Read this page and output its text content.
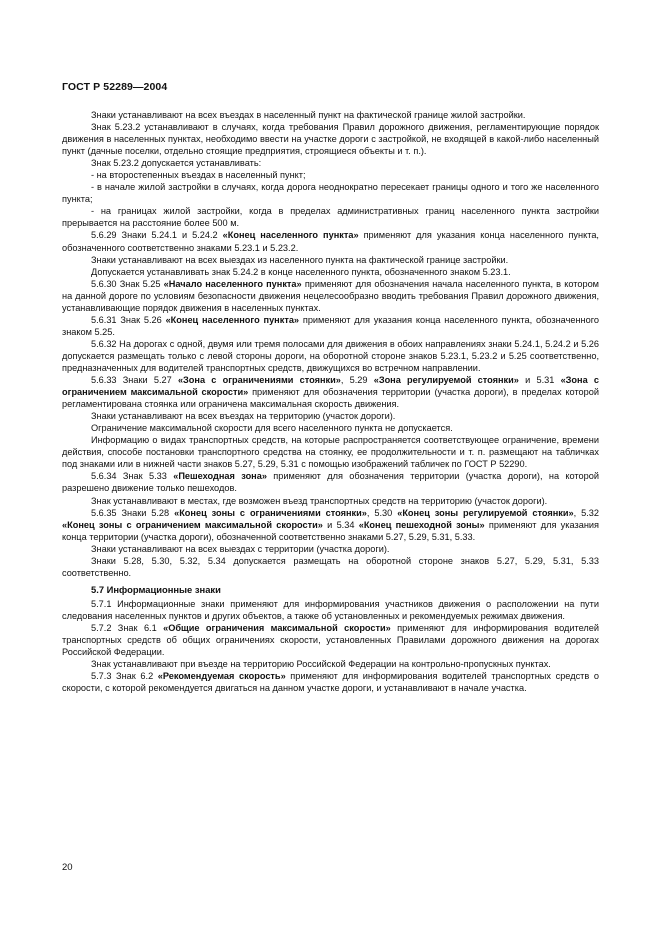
ГОСТ Р 52289—2004

Знаки устанавливают на всех въездах в населенный пункт на фактической границе жилой застройки.

Знак 5.23.2 устанавливают в случаях, когда требования Правил дорожного движения, регламентирующие порядок движения в населенных пунктах, необходимо ввести на участке дороги с застройкой, не входящей в какой-либо населенный пункт (дачные поселки, отдельно стоящие предприятия, строящиеся объекты и т. п.).

Знак 5.23.2 допускается устанавливать:

- на второстепенных въездах в населенный пункт;

- в начале жилой застройки в случаях, когда дорога неоднократно пересекает границы одного и того же населенного пункта;

- на границах жилой застройки, когда в пределах административных границ населенного пункта застройки прерывается на расстояние более 500 м.

5.6.29 Знаки 5.24.1 и 5.24.2 «Конец населенного пункта» применяют для указания конца населенного пункта, обозначенного соответственно знаками 5.23.1 и 5.23.2.

Знаки устанавливают на всех выездах из населенного пункта на фактической границе застройки.

Допускается устанавливать знак 5.24.2 в конце населенного пункта, обозначенного знаком 5.23.1.

5.6.30 Знак 5.25 «Начало населенного пункта» применяют для обозначения начала населенного пункта, в котором на данной дороге по условиям безопасности движения нецелесообразно вводить требования Правил дорожного движения, устанавливающие порядок движения в населенных пунктах.

5.6.31 Знак 5.26 «Конец населенного пункта» применяют для указания конца населенного пункта, обозначенного знаком 5.25.

5.6.32 На дорогах с одной, двумя или тремя полосами для движения в обоих направлениях знаки 5.24.1, 5.24.2 и 5.26 допускается размещать только с левой стороны дороги, на оборотной стороне знаков 5.23.1, 5.23.2 и 5.25 соответственно, предназначенных для водителей транспортных средств, движущихся во встречном направлении.

5.6.33 Знаки 5.27 «Зона с ограничениями стоянки», 5.29 «Зона регулируемой стоянки» и 5.31 «Зона с ограничением максимальной скорости» применяют для обозначения территории (участка дороги), в пределах которой регламентирована стоянка или ограничена максимальная скорость движения.

Знаки устанавливают на всех въездах на территорию (участок дороги).

Ограничение максимальной скорости для всего населенного пункта не допускается.

Информацию о видах транспортных средств, на которые распространяется соответствующее ограничение, времени действия, способе постановки транспортного средства на стоянку, ее продолжительности и т. п. размещают на табличках под знаками или в нижней части знаков 5.27, 5.29, 5.31 с помощью изображений табличек по ГОСТ Р 52290.

5.6.34 Знак 5.33 «Пешеходная зона» применяют для обозначения территории (участка дороги), на которой разрешено движение только пешеходов.

Знак устанавливают в местах, где возможен въезд транспортных средств на территорию (участок дороги).

5.6.35 Знаки 5.28 «Конец зоны с ограничениями стоянки», 5.30 «Конец зоны регулируемой стоянки», 5.32 «Конец зоны с ограничением максимальной скорости» и 5.34 «Конец пешеходной зоны» применяют для указания конца территории (участка дороги), обозначенной соответственно знаками 5.27, 5.29, 5.31, 5.33.

Знаки устанавливают на всех выездах с территории (участка дороги).

Знаки 5.28, 5.30, 5.32, 5.34 допускается размещать на оборотной стороне знаков 5.27, 5.29, 5.31, 5.33 соответственно.

5.7 Информационные знаки

5.7.1 Информационные знаки применяют для информирования участников движения о расположении на пути следования населенных пунктов и других объектов, а также об установленных и рекомендуемых режимах движения.

5.7.2 Знак 6.1 «Общие ограничения максимальной скорости» применяют для информирования водителей транспортных средств об общих ограничениях скорости, установленных Правилами дорожного движения на дорогах Российской Федерации.

Знак устанавливают при въезде на территорию Российской Федерации на контрольно-пропускных пунктах.

5.7.3 Знак 6.2 «Рекомендуемая скорость» применяют для информирования водителей транспортных средств о скорости, с которой рекомендуется двигаться на данном участке дороги, и устанавливают в начале участка.

20
